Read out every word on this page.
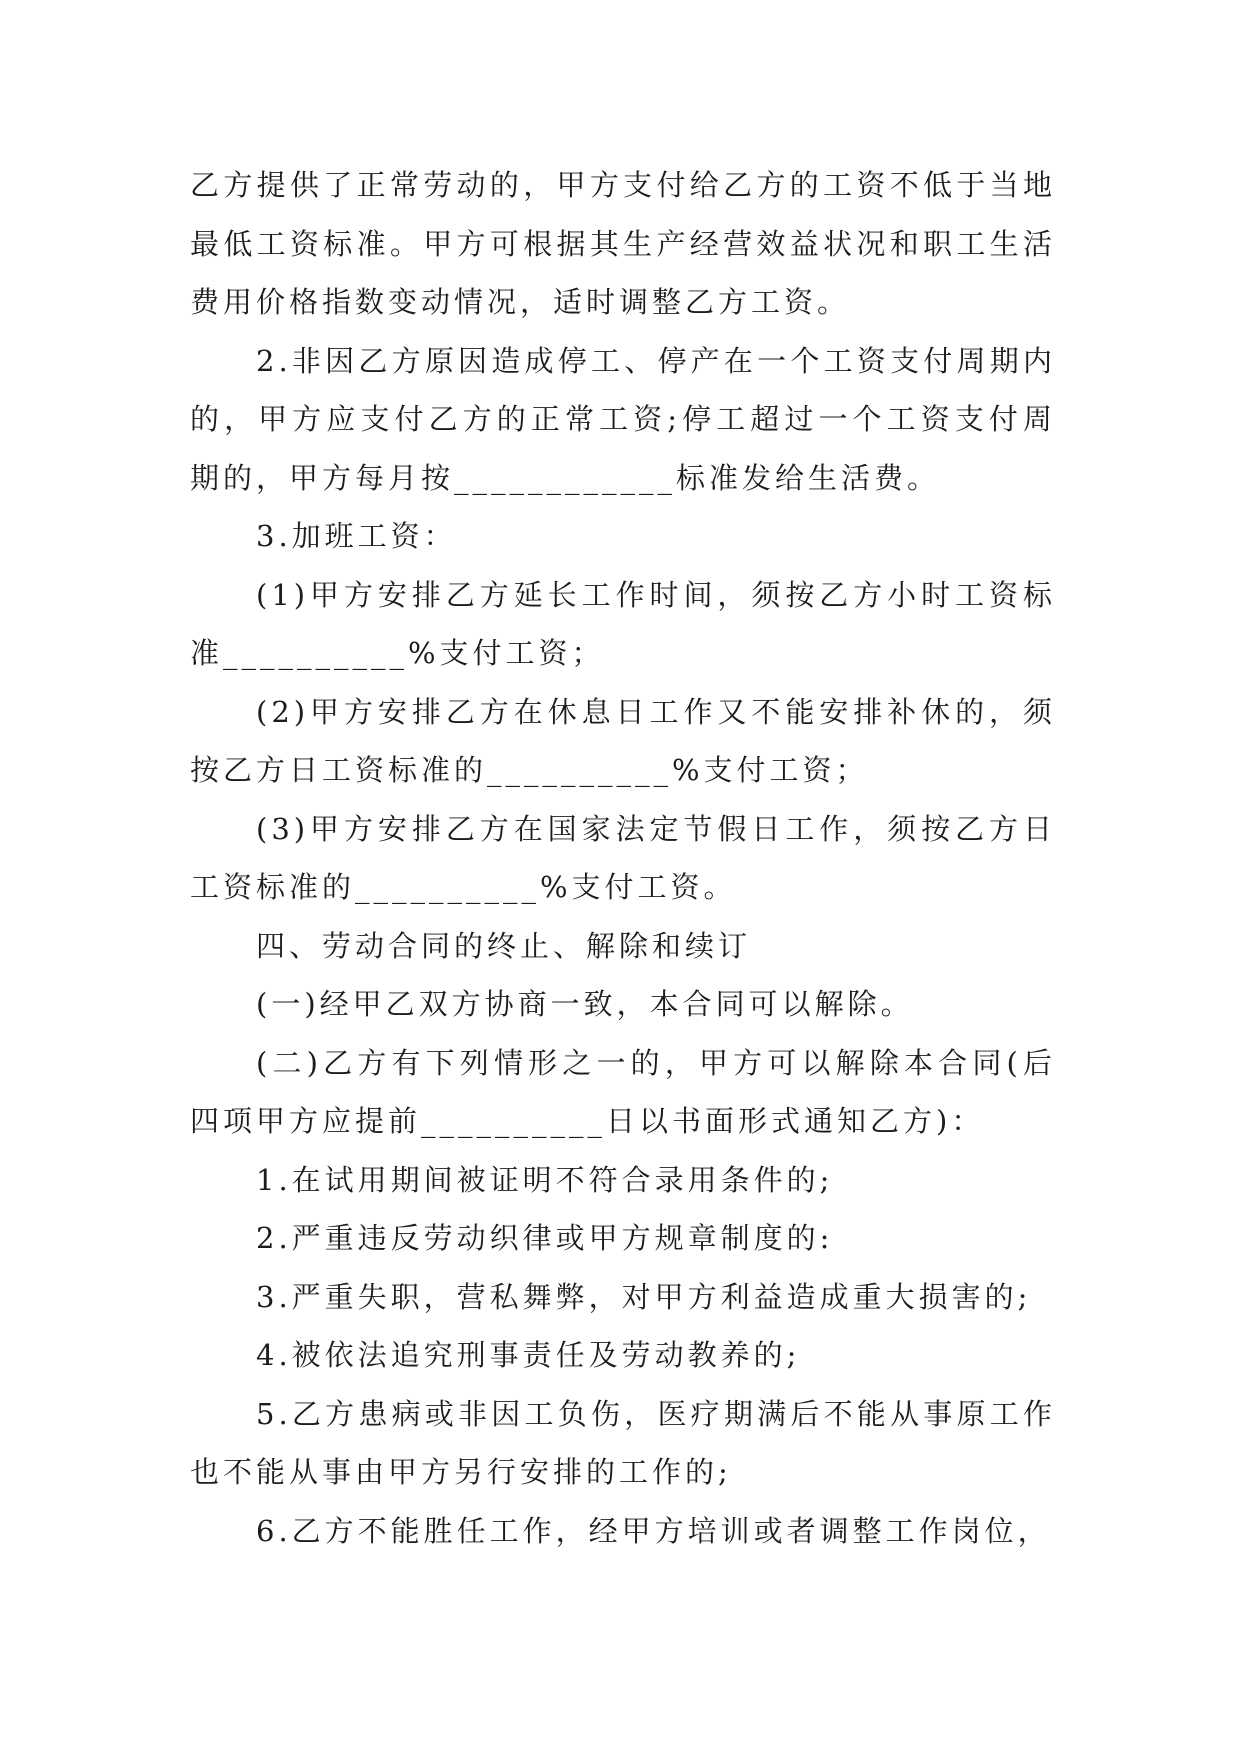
乙方提供了正常劳动的，甲方支付给乙方的工资不低于当地最低工资标准。甲方可根据其生产经营效益状况和职工生活费用价格指数变动情况，适时调整乙方工资。

2.非因乙方原因造成停工、停产在一个工资支付周期内的，甲方应支付乙方的正常工资;停工超过一个工资支付周期的，甲方每月按____________标准发给生活费。

3.加班工资：

(1)甲方安排乙方延长工作时间，须按乙方小时工资标准__________%支付工资；

(2)甲方安排乙方在休息日工作又不能安排补休的，须按乙方日工资标准的__________%支付工资；

(3)甲方安排乙方在国家法定节假日工作，须按乙方日工资标准的__________%支付工资。

四、劳动合同的终止、解除和续订

(一)经甲乙双方协商一致，本合同可以解除。

(二)乙方有下列情形之一的，甲方可以解除本合同(后四项甲方应提前__________日以书面形式通知乙方)：

1.在试用期间被证明不符合录用条件的;

2.严重违反劳动织律或甲方规章制度的:

3.严重失职，营私舞弊，对甲方利益造成重大损害的;

4.被依法追究刑事责任及劳动教养的;

5.乙方患病或非因工负伤，医疗期满后不能从事原工作也不能从事由甲方另行安排的工作的;

6.乙方不能胜任工作，经甲方培训或者调整工作岗位，
